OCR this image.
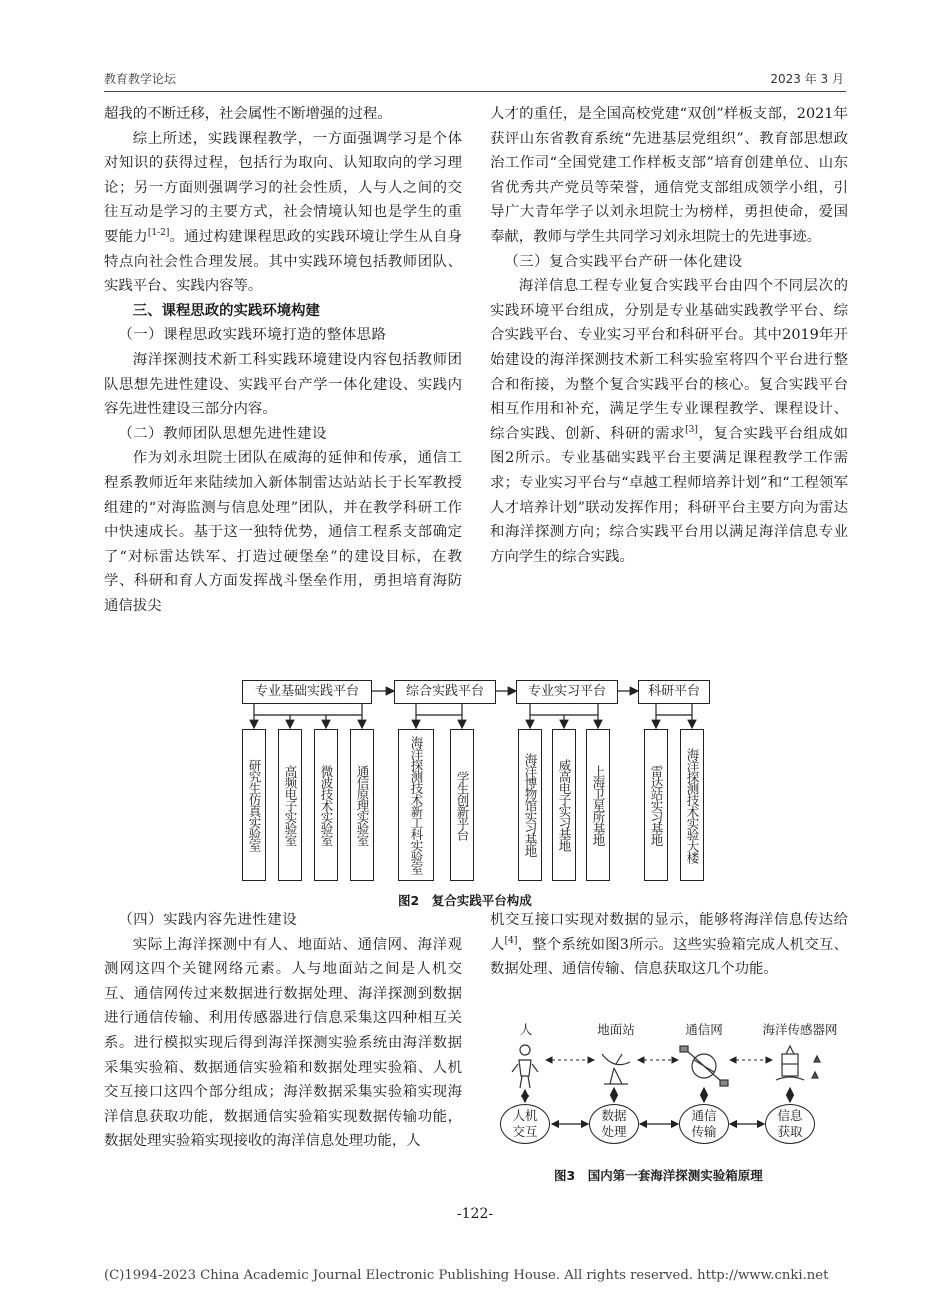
教育教学论坛	2023 年 3 月

超我的不断迁移，社会属性不断增强的过程。

综上所述，实践课程教学，一方面强调学习是个体对知识的获得过程，包括行为取向、认知取向的学习理论；另一方面则强调学习的社会性质，人与人之间的交往互动是学习的主要方式，社会情境认知也是学生的重要能力[1-2]。通过构建课程思政的实践环境让学生从自身特点向社会性合理发展。其中实践环境包括教师团队、实践平台、实践内容等。

三、课程思政的实践环境构建

（一）课程思政实践环境打造的整体思路

海洋探测技术新工科实践环境建设内容包括教师团队思想先进性建设、实践平台产学一体化建设、实践内容先进性建设三部分内容。

（二）教师团队思想先进性建设

作为刘永坦院士团队在威海的延伸和传承，通信工程系教师近年来陆续加入新体制雷达站站长于长军教授组建的“对海监测与信息处理”团队，并在教学科研工作中快速成长。基于这一独特优势，通信工程系支部确定了“对标雷达铁军、打造过硬堡垒”的建设目标，在教学、科研和育人方面发挥战斗堡垒作用，勇担培育海防通信拔尖

人才的重任，是全国高校党建“双创”样板支部，2021年获评山东省教育系统“先进基层党组织”、教育部思想政治工作司“全国党建工作样板支部”培育创建单位、山东省优秀共产党员等荣誉，通信党支部组成领学小组，引导广大青年学子以刘永坦院士为榜样，勇担使命，爱国奉献，教师与学生共同学习刘永坦院士的先进事迹。

（三）复合实践平台产研一体化建设

海洋信息工程专业复合实践平台由四个不同层次的实践环境平台组成，分别是专业基础实践教学平台、综合实践平台、专业实习平台和科研平台。其中2019年开始建设的海洋探测技术新工科实验室将四个平台进行整合和衔接，为整个复合实践平台的核心。复合实践平台相互作用和补充，满足学生专业课程教学、课程设计、综合实践、创新、科研的需求[3]，复合实践平台组成如图2所示。专业基础实践平台主要满足课程教学工作需求；专业实习平台与“卓越工程师培养计划”和“工程领军人才培养计划”联动发挥作用；科研平台主要方向为雷达和海洋探测方向；综合实践平台用以满足海洋信息专业方向学生的综合实践。

专业基础实践平台	综合实践平台	专业实习平台	科研平台
研究生仿真实验室	高频电子实验室	微波技术实验室	通信原理实验室	海洋探测技术新工科实验室	学生创新平台	海洋博物馆实习基地	威高电子实习基地	上海卫星所基地	雷达站实习基地	海洋探测技术实验大楼
图2　复合实践平台构成

（四）实践内容先进性建设

实际上海洋探测中有人、地面站、通信网、海洋观测网这四个关键网络元素。人与地面站之间是人机交互、通信网传过来数据进行数据处理、海洋探测到数据进行通信传输、利用传感器进行信息采集这四种相互关系。进行模拟实现后得到海洋探测实验系统由海洋数据采集实验箱、数据通信实验箱和数据处理实验箱、人机交互接口这四个部分组成；海洋数据采集实验箱实现海洋信息获取功能，数据通信实验箱实现数据传输功能，数据处理实验箱实现接收的海洋信息处理功能，人

机交互接口实现对数据的显示，能够将海洋信息传达给人[4]，整个系统如图3所示。这些实验箱完成人机交互、数据处理、通信传输、信息获取这几个功能。

人	地面站	通信网	海洋传感器网
人机交互
数据处理
通信传输
信息获取
图3　国内第一套海洋探测实验箱原理
-122-
(C)1994-2023 China Academic Journal Electronic Publishing House. All rights reserved. http://www.cnki.net
